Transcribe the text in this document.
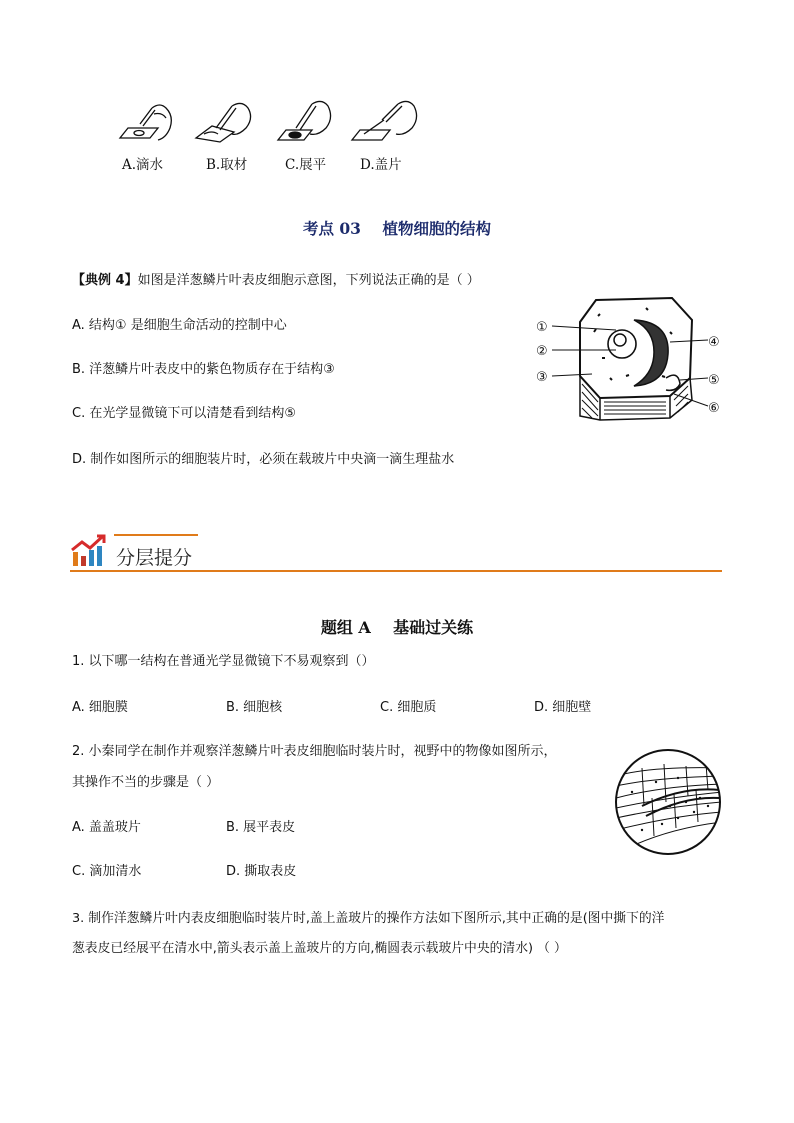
A.滴水	B.取材	C.展平	D.盖片
考点 03    植物细胞的结构
【典例 4】如图是洋葱鳞片叶表皮细胞示意图，下列说法正确的是（ ）
A. 结构① 是细胞生命活动的控制中心
B. 洋葱鳞片叶表皮中的紫色物质存在于结构③
C. 在光学显微镜下可以清楚看到结构⑤
D. 制作如图所示的细胞装片时，必须在载玻片中央滴一滴生理盐水
①
②
③
④
⑤
⑥
分层提分
题组 A    基础过关练
1. 以下哪一结构在普通光学显微镜下不易观察到（）
A. 细胞膜	B. 细胞核	C. 细胞质	D. 细胞壁
2. 小秦同学在制作并观察洋葱鳞片叶表皮细胞临时装片时，视野中的物像如图所示，
其操作不当的步骤是（ ）
A. 盖盖玻片	B. 展平表皮
C. 滴加清水	D. 撕取表皮
3. 制作洋葱鳞片叶内表皮细胞临时装片时,盖上盖玻片的操作方法如下图所示,其中正确的是(图中撕下的洋
葱表皮已经展平在清水中,箭头表示盖上盖玻片的方向,椭圆表示载玻片中央的清水) （ ）
